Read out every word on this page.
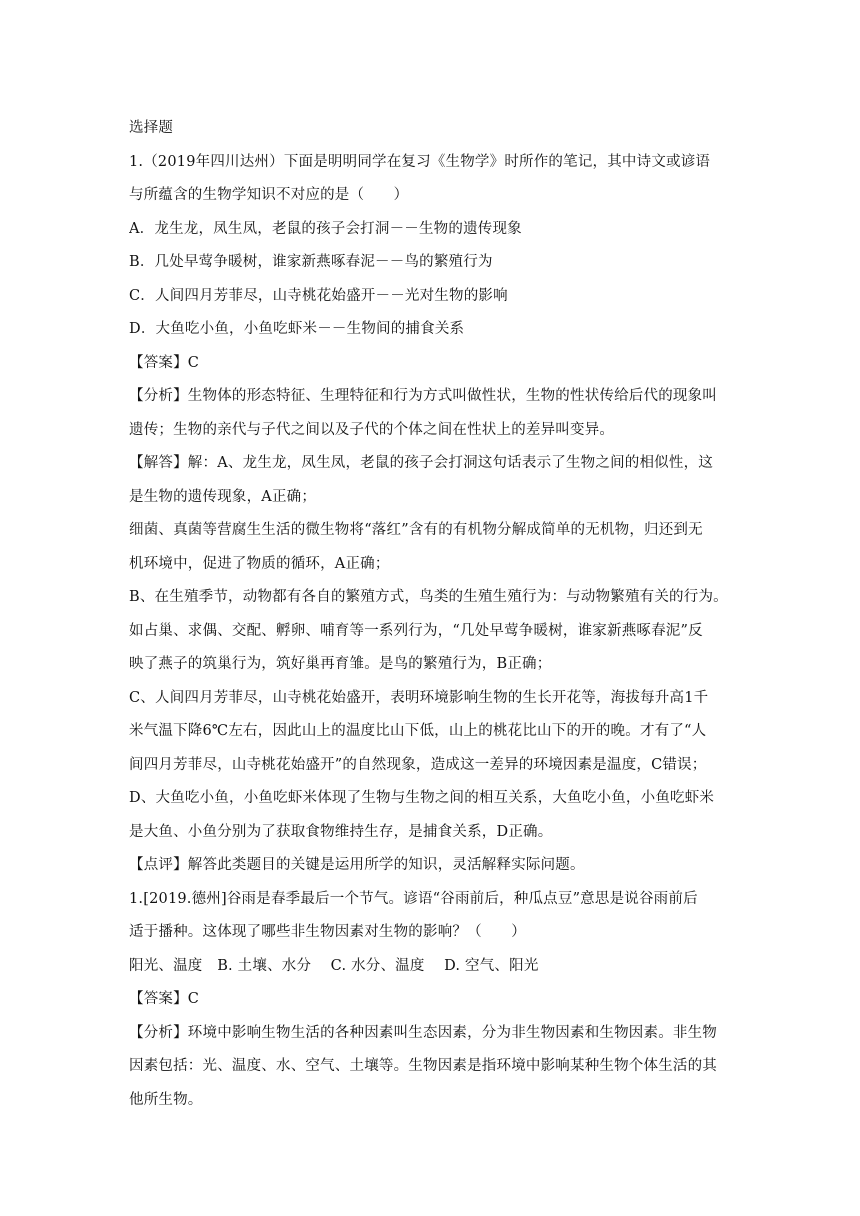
选择题
1.（2019年四川达州）下面是明明同学在复习《生物学》时所作的笔记，其中诗文或谚语
与所蕴含的生物学知识不对应的是（　　）
A．龙生龙，凤生凤，老鼠的孩子会打洞－－生物的遗传现象
B．几处早莺争暖树，谁家新燕啄春泥－－鸟的繁殖行为
C．人间四月芳菲尽，山寺桃花始盛开－－光对生物的影响
D．大鱼吃小鱼，小鱼吃虾米－－生物间的捕食关系
【答案】C
【分析】生物体的形态特征、生理特征和行为方式叫做性状，生物的性状传给后代的现象叫
遗传；生物的亲代与子代之间以及子代的个体之间在性状上的差异叫变异。
【解答】解：A、龙生龙，凤生凤，老鼠的孩子会打洞这句话表示了生物之间的相似性，这
是生物的遗传现象，A正确；
细菌、真菌等营腐生生活的微生物将“落红”含有的有机物分解成简单的无机物，归还到无
机环境中，促进了物质的循环，A正确；
B、在生殖季节，动物都有各自的繁殖方式，鸟类的生殖生殖行为：与动物繁殖有关的行为。
如占巢、求偶、交配、孵卵、哺育等一系列行为，“几处早莺争暖树，谁家新燕啄春泥”反
映了燕子的筑巢行为，筑好巢再育雏。是鸟的繁殖行为，B正确；
C、人间四月芳菲尽，山寺桃花始盛开，表明环境影响生物的生长开花等，海拔每升高1千
米气温下降6℃左右，因此山上的温度比山下低，山上的桃花比山下的开的晚。才有了“人
间四月芳菲尽，山寺桃花始盛开”的自然现象，造成这一差异的环境因素是温度，C错误；
D、大鱼吃小鱼，小鱼吃虾米体现了生物与生物之间的相互关系，大鱼吃小鱼，小鱼吃虾米
是大鱼、小鱼分别为了获取食物维持生存，是捕食关系，D正确。
【点评】解答此类题目的关键是运用所学的知识，灵活解释实际问题。
1.[2019.德州]谷雨是春季最后一个节气。谚语“谷雨前后，种瓜点豆”意思是说谷雨前后
适于播种。这体现了哪些非生物因素对生物的影响？（　　）
阳光、温度　B. 土壤、水分　 C. 水分、温度　 D. 空气、阳光
【答案】C
【分析】环境中影响生物生活的各种因素叫生态因素，分为非生物因素和生物因素。非生物
因素包括：光、温度、水、空气、土壤等。生物因素是指环境中影响某种生物个体生活的其
他所生物。
